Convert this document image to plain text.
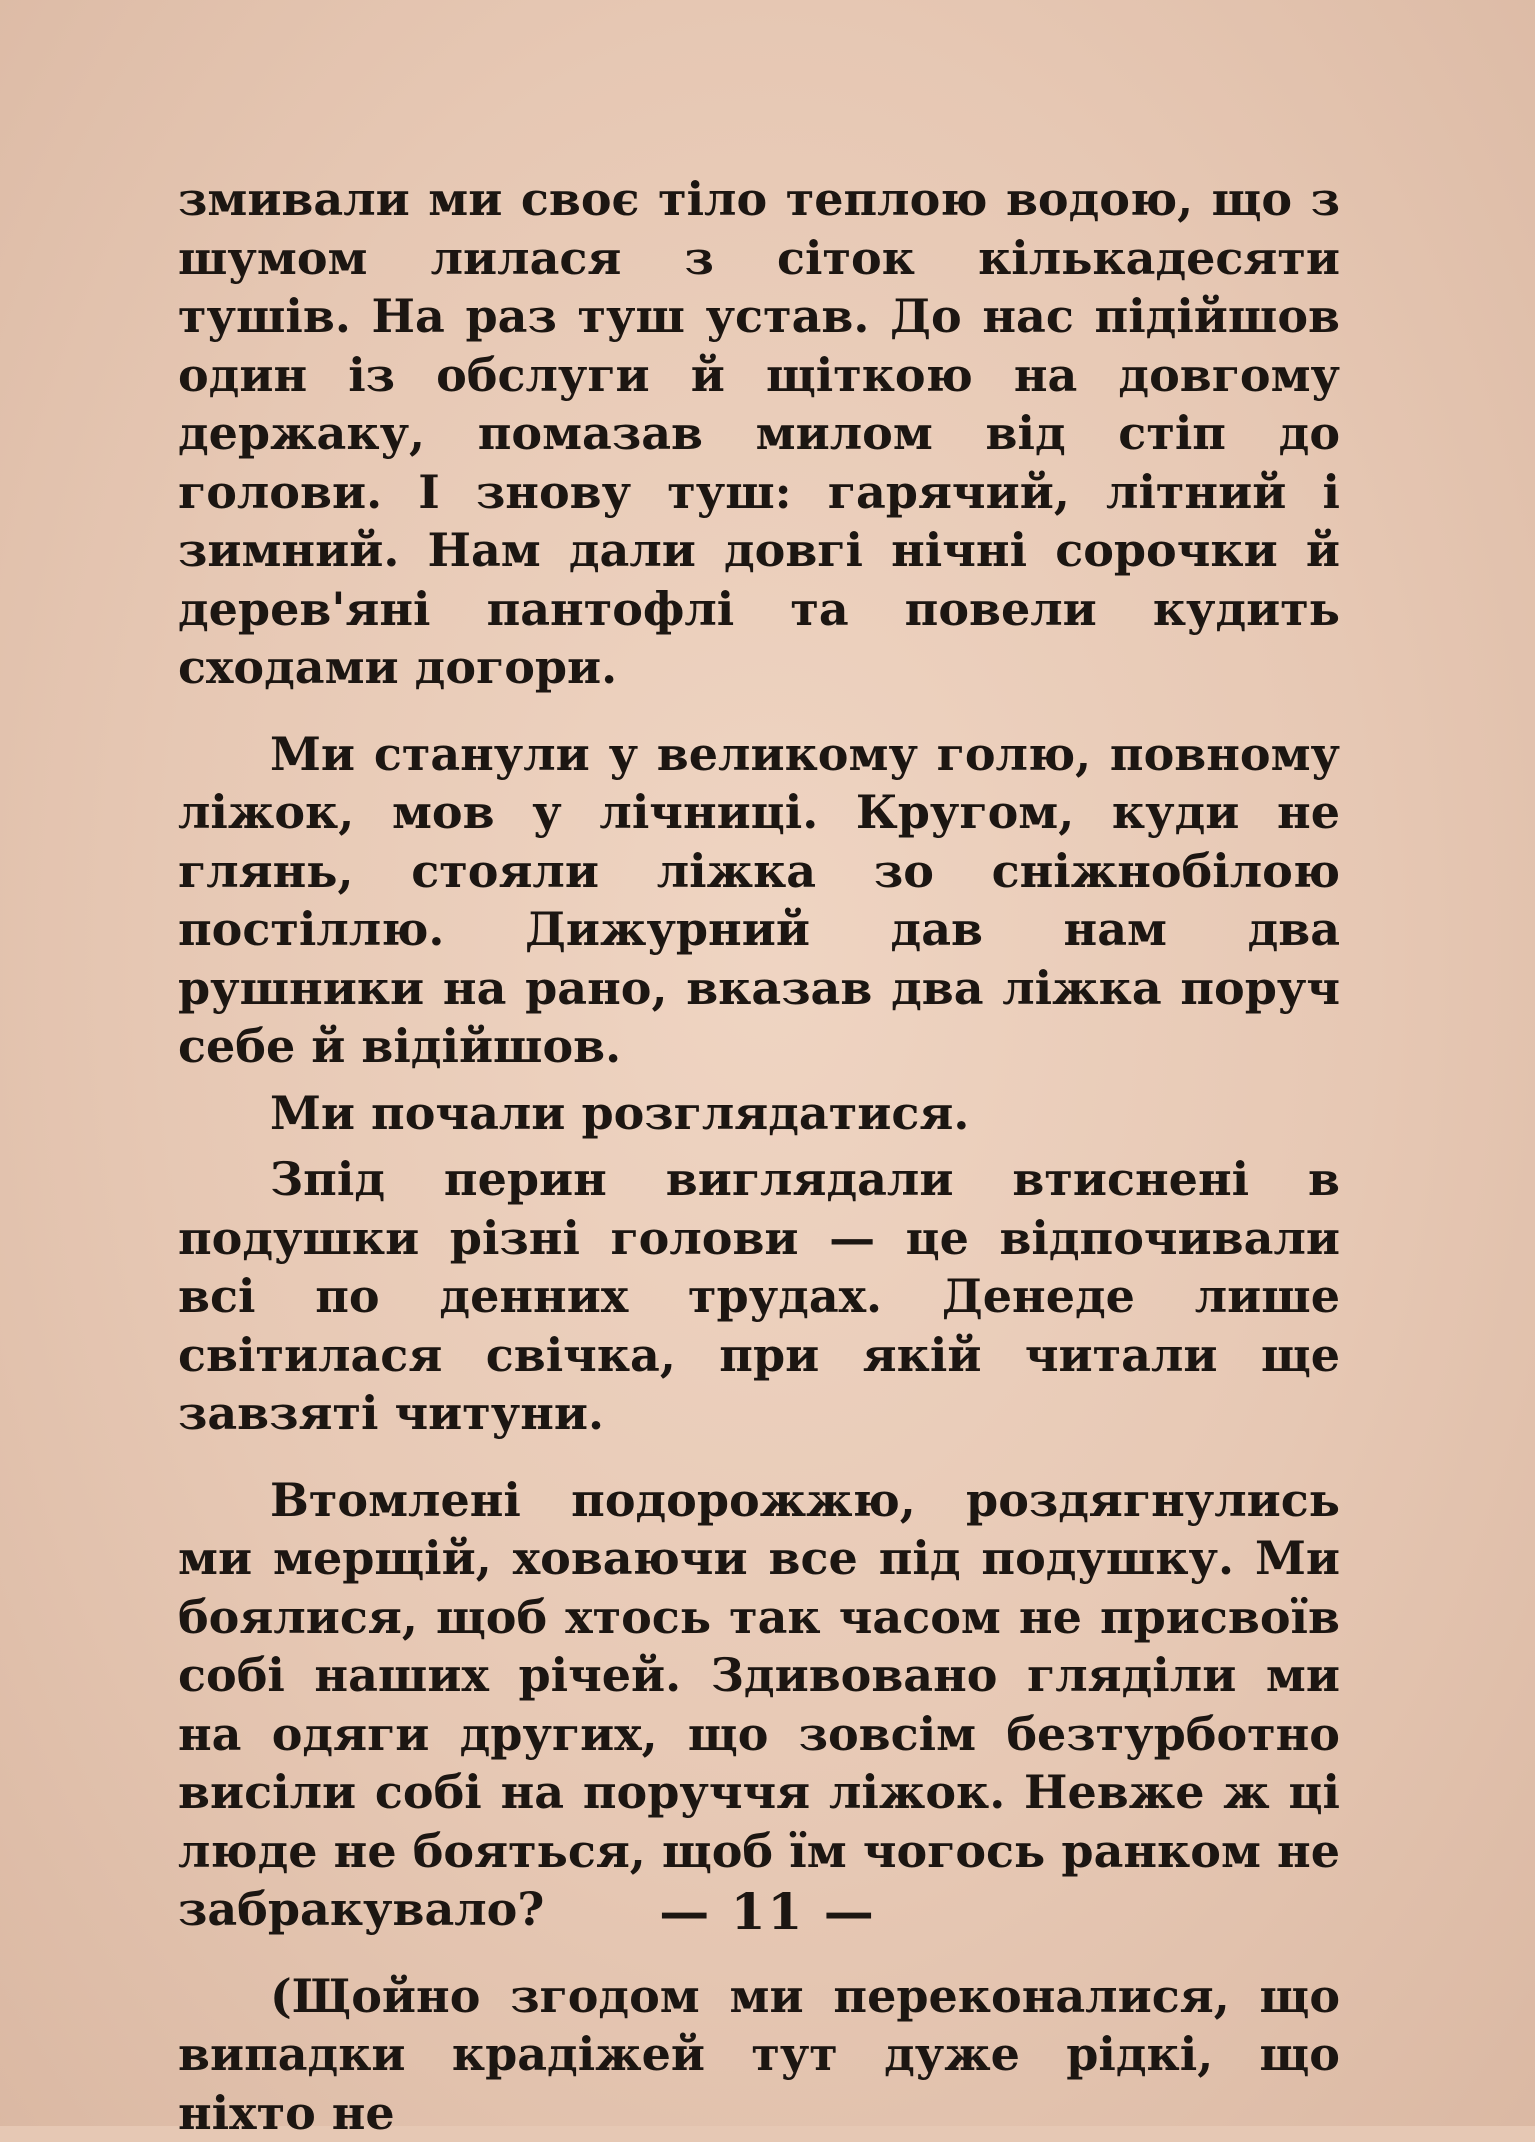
змивали ми своє тіло теплою водою, що з шумом лилася з сіток кількадесяти тушів. На раз туш устав. До нас підійшов один із обслуги й щіткою на довгому держаку, помазав милом від стіп до голови. І знову туш: гарячий, літний і зимний. Нам дали довгі нічні сорочки й дерев'яні пантофлі та повели кудить сходами догори.

Ми станули у великому голю, повному ліжок, мов у лічниці. Кругом, куди не глянь, стояли ліжка зо сніжнобілою постіллю. Дижурний дав нам два рушники на рано, вказав два ліжка поруч себе й відійшов.

Ми почали розглядатися.

Зпід перин виглядали втиснені в подушки різні голови — це відпочивали всі по денних трудах. Денеде лише світилася свічка, при якій читали ще завзяті читуни.

Втомлені подорожжю, роздягнулись ми мерщій, ховаючи все під подушку. Ми боялися, щоб хтось так часом не присвоїв собі наших річей. Здивовано гляділи ми на одяги других, що зовсім безтурботно висіли собі на поруччя ліжок. Невже ж ці люде не бояться, щоб їм чогось ранком не забракувало?

(Щойно згодом ми переконалися, що випадки крадіжей тут дуже рідкі, що ніхто не

— 11 —
